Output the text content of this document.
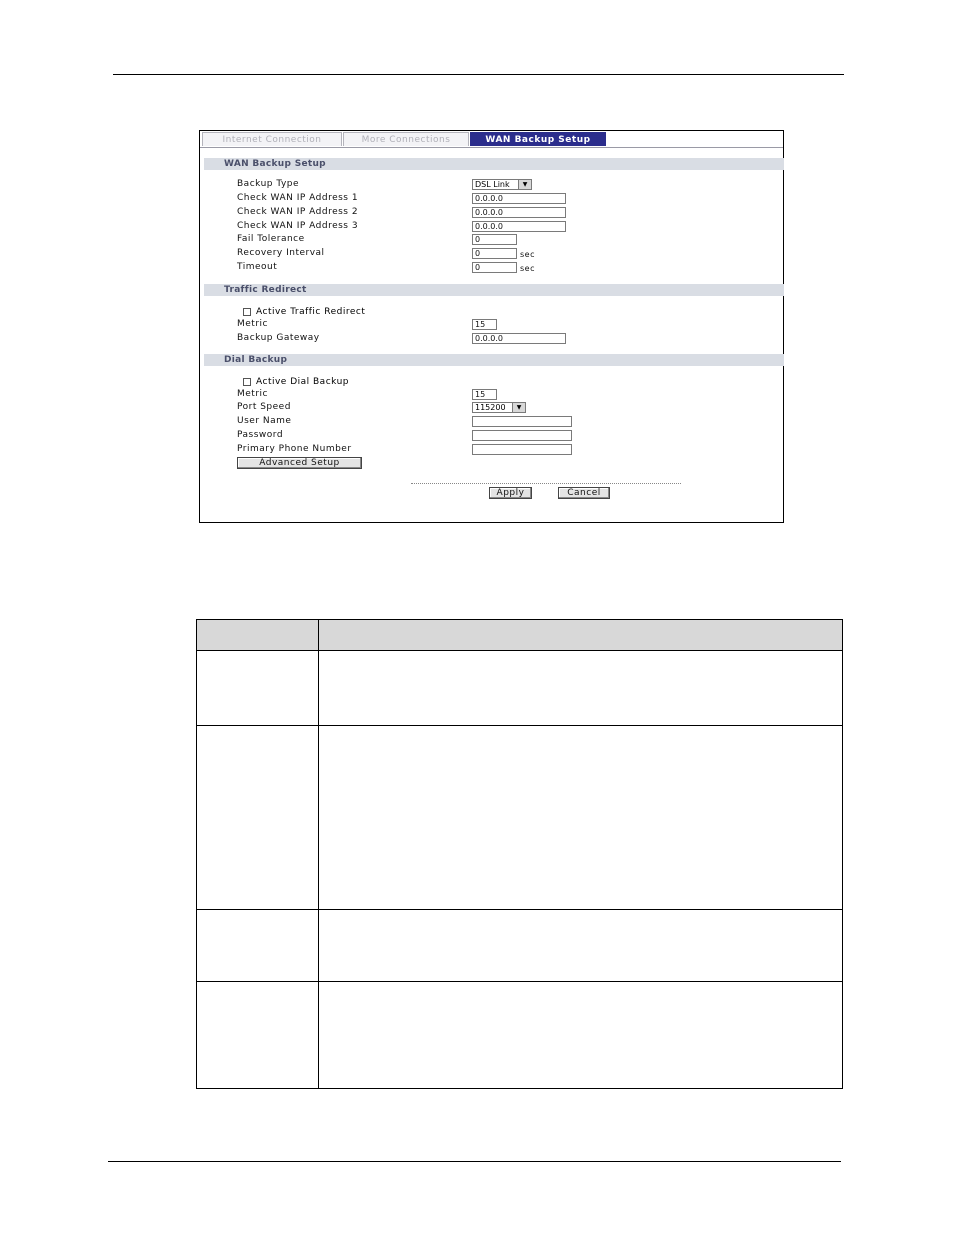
Internet Connection	More Connections	WAN Backup Setup
WAN Backup Setup
Backup Type	DSL Link	▼
Check WAN IP Address 1	0.0.0.0
Check WAN IP Address 2	0.0.0.0
Check WAN IP Address 3	0.0.0.0
Fail Tolerance	0
Recovery Interval	0	sec
Timeout	0	sec
Traffic Redirect
Active Traffic Redirect
Metric	15
Backup Gateway	0.0.0.0
Dial Backup
Active Dial Backup
Metric	15
Port Speed	115200	▼
User Name
Password
Primary Phone Number
Advanced Setup
Apply	Cancel
